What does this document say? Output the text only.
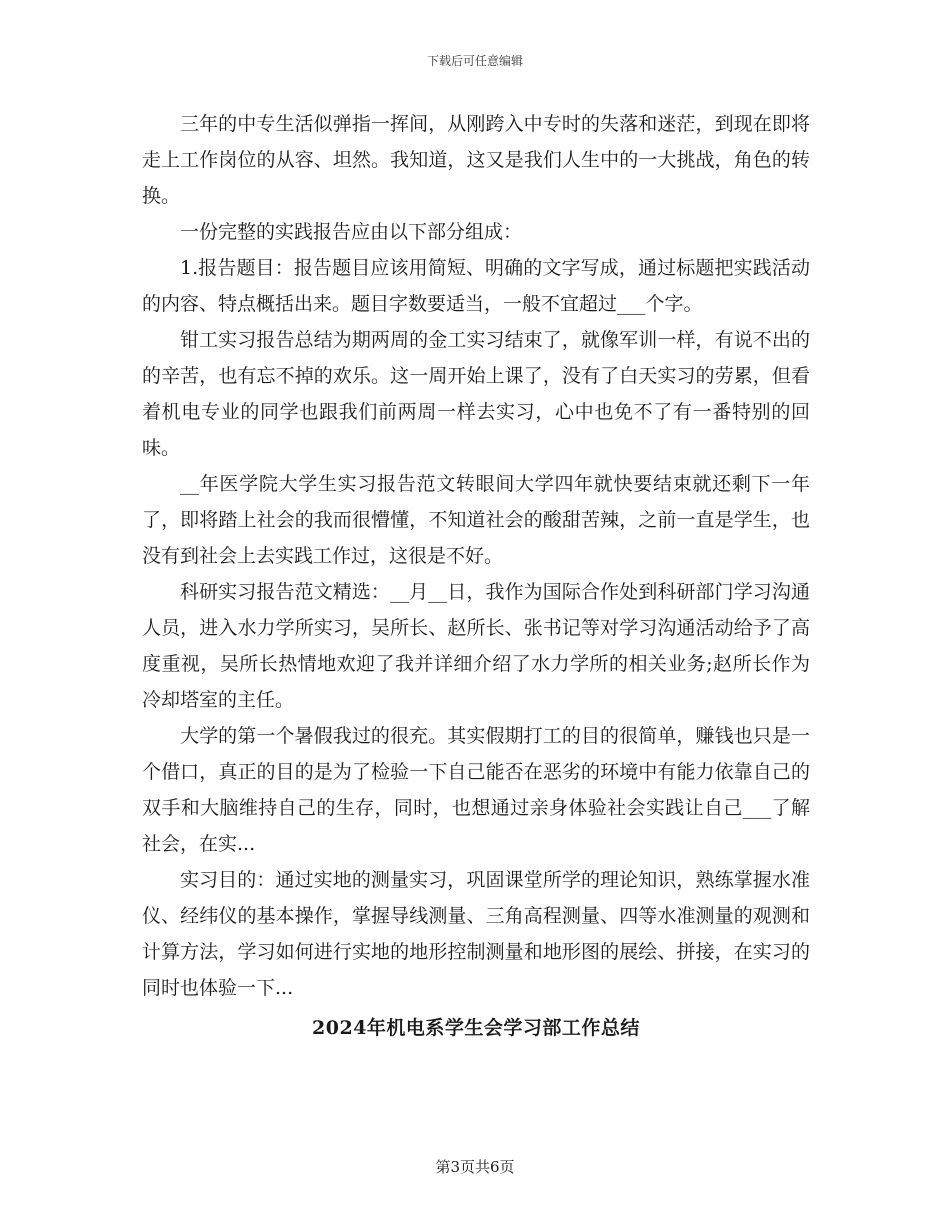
下载后可任意编辑

三年的中专生活似弹指一挥间，从刚跨入中专时的失落和迷茫，到现在即将走上工作岗位的从容、坦然。我知道，这又是我们人生中的一大挑战，角色的转换。

一份完整的实践报告应由以下部分组成：

1.报告题目：报告题目应该用简短、明确的文字写成，通过标题把实践活动的内容、特点概括出来。题目字数要适当，一般不宜超过___个字。

钳工实习报告总结为期两周的金工实习结束了，就像军训一样，有说不出的的辛苦，也有忘不掉的欢乐。这一周开始上课了，没有了白天实习的劳累，但看着机电专业的同学也跟我们前两周一样去实习，心中也免不了有一番特别的回味。

__年医学院大学生实习报告范文转眼间大学四年就快要结束就还剩下一年了，即将踏上社会的我而很懵懂，不知道社会的酸甜苦辣，之前一直是学生，也没有到社会上去实践工作过，这很是不好。

科研实习报告范文精选：__月__日，我作为国际合作处到科研部门学习沟通人员，进入水力学所实习，吴所长、赵所长、张书记等对学习沟通活动给予了高度重视，吴所长热情地欢迎了我并详细介绍了水力学所的相关业务;赵所长作为冷却塔室的主任。

大学的第一个暑假我过的很充。其实假期打工的目的很简单，赚钱也只是一个借口，真正的目的是为了检验一下自己能否在恶劣的环境中有能力依靠自己的双手和大脑维持自己的生存，同时，也想通过亲身体验社会实践让自己___了解社会，在实...

实习目的：通过实地的测量实习，巩固课堂所学的理论知识，熟练掌握水准仪、经纬仪的基本操作，掌握导线测量、三角高程测量、四等水准测量的观测和计算方法，学习如何进行实地的地形控制测量和地形图的展绘、拼接，在实习的同时也体验一下...

2024年机电系学生会学习部工作总结
第3页共6页
